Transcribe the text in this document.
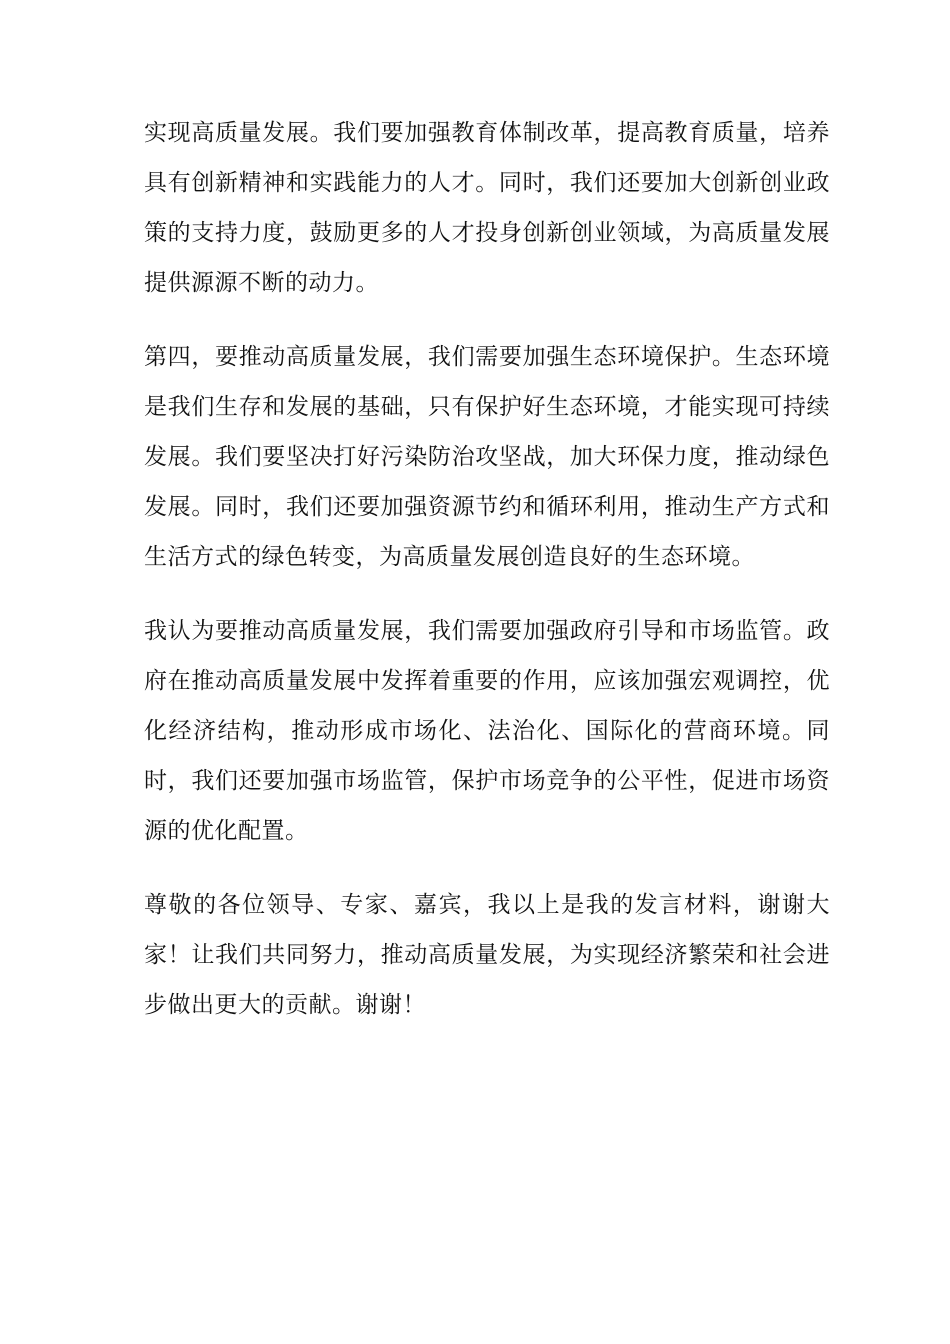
实现高质量发展。我们要加强教育体制改革，提高教育质量，培养具有创新精神和实践能力的人才。同时，我们还要加大创新创业政策的支持力度，鼓励更多的人才投身创新创业领域，为高质量发展提供源源不断的动力。

第四，要推动高质量发展，我们需要加强生态环境保护。生态环境是我们生存和发展的基础，只有保护好生态环境，才能实现可持续发展。我们要坚决打好污染防治攻坚战，加大环保力度，推动绿色发展。同时，我们还要加强资源节约和循环利用，推动生产方式和生活方式的绿色转变，为高质量发展创造良好的生态环境。

我认为要推动高质量发展，我们需要加强政府引导和市场监管。政府在推动高质量发展中发挥着重要的作用，应该加强宏观调控，优化经济结构，推动形成市场化、法治化、国际化的营商环境。同时，我们还要加强市场监管，保护市场竞争的公平性，促进市场资源的优化配置。

尊敬的各位领导、专家、嘉宾，我以上是我的发言材料，谢谢大家！让我们共同努力，推动高质量发展，为实现经济繁荣和社会进步做出更大的贡献。谢谢！
